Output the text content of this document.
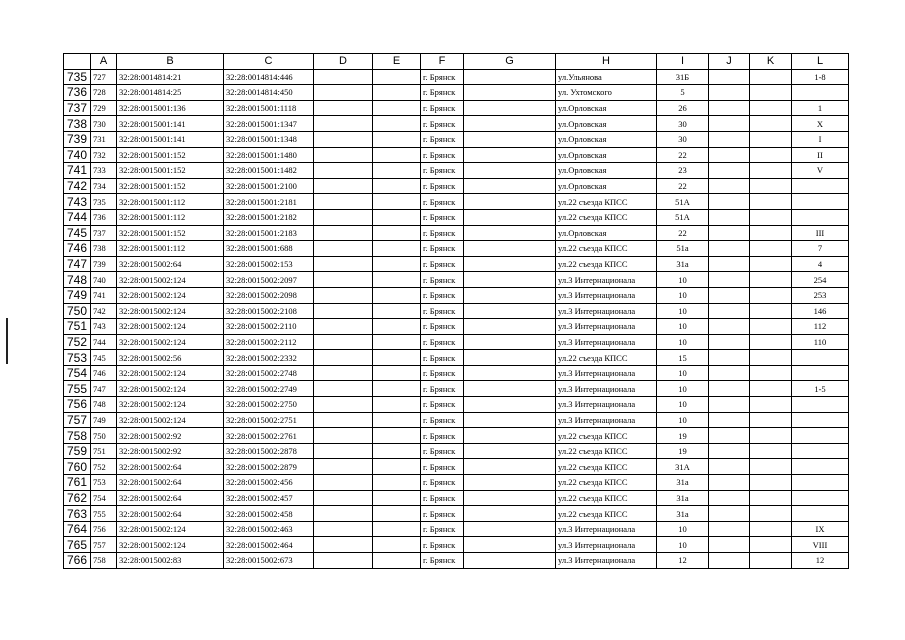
	A	B	C	D	E	F	G	H	I	J	K	L
735	727	32:28:0014814:21	32:28:0014814:446			г. Брянск		ул.Ульянова	31Б			1-8
736	728	32:28:0014814:25	32:28:0014814:450			г. Брянск		ул. Ухтомского	5			
737	729	32:28:0015001:136	32:28:0015001:1118			г. Брянск		ул.Орловская	26			1
738	730	32:28:0015001:141	32:28:0015001:1347			г. Брянск		ул.Орловская	30			X
739	731	32:28:0015001:141	32:28:0015001:1348			г. Брянск		ул.Орловская	30			I
740	732	32:28:0015001:152	32:28:0015001:1480			г. Брянск		ул.Орловская	22			II
741	733	32:28:0015001:152	32:28:0015001:1482			г. Брянск		ул.Орловская	23			V
742	734	32:28:0015001:152	32:28:0015001:2100			г. Брянск		ул.Орловская	22			
743	735	32:28:0015001:112	32:28:0015001:2181			г. Брянск		ул.22 съезда КПСС	51А			
744	736	32:28:0015001:112	32:28:0015001:2182			г. Брянск		ул.22 съезда КПСС	51А			
745	737	32:28:0015001:152	32:28:0015001:2183			г. Брянск		ул.Орловская	22			III
746	738	32:28:0015001:112	32:28:0015001:688			г. Брянск		ул.22 съезда КПСС	51а			7
747	739	32:28:0015002:64	32:28:0015002:153			г. Брянск		ул.22 съезда КПСС	31а			4
748	740	32:28:0015002:124	32:28:0015002:2097			г. Брянск		ул.3 Интернационала	10			254
749	741	32:28:0015002:124	32:28:0015002:2098			г. Брянск		ул.3 Интернационала	10			253
750	742	32:28:0015002:124	32:28:0015002:2108			г. Брянск		ул.3 Интернационала	10			146
751	743	32:28:0015002:124	32:28:0015002:2110			г. Брянск		ул.3 Интернационала	10			112
752	744	32:28:0015002:124	32:28:0015002:2112			г. Брянск		ул.3 Интернационала	10			110
753	745	32:28:0015002:56	32:28:0015002:2332			г. Брянск		ул.22 съезда КПСС	15			
754	746	32:28:0015002:124	32:28:0015002:2748			г. Брянск		ул.3 Интернационала	10			
755	747	32:28:0015002:124	32:28:0015002:2749			г. Брянск		ул.3 Интернационала	10			1-5
756	748	32:28:0015002:124	32:28:0015002:2750			г. Брянск		ул.3 Интернационала	10			
757	749	32:28:0015002:124	32:28:0015002:2751			г. Брянск		ул.3 Интернационала	10			
758	750	32:28:0015002:92	32:28:0015002:2761			г. Брянск		ул.22 съезда КПСС	19			
759	751	32:28:0015002:92	32:28:0015002:2878			г. Брянск		ул.22 съезда КПСС	19			
760	752	32:28:0015002:64	32:28:0015002:2879			г. Брянск		ул.22 съезда КПСС	31А			
761	753	32:28:0015002:64	32:28:0015002:456			г. Брянск		ул.22 съезда КПСС	31а			
762	754	32:28:0015002:64	32:28:0015002:457			г. Брянск		ул.22 съезда КПСС	31а			
763	755	32:28:0015002:64	32:28:0015002:458			г. Брянск		ул.22 съезда КПСС	31а			
764	756	32:28:0015002:124	32:28:0015002:463			г. Брянск		ул.3 Интернационала	10			IX
765	757	32:28:0015002:124	32:28:0015002:464			г. Брянск		ул.3 Интернационала	10			VIII
766	758	32:28:0015002:83	32:28:0015002:673			г. Брянск		ул.3 Интернационала	12			12
